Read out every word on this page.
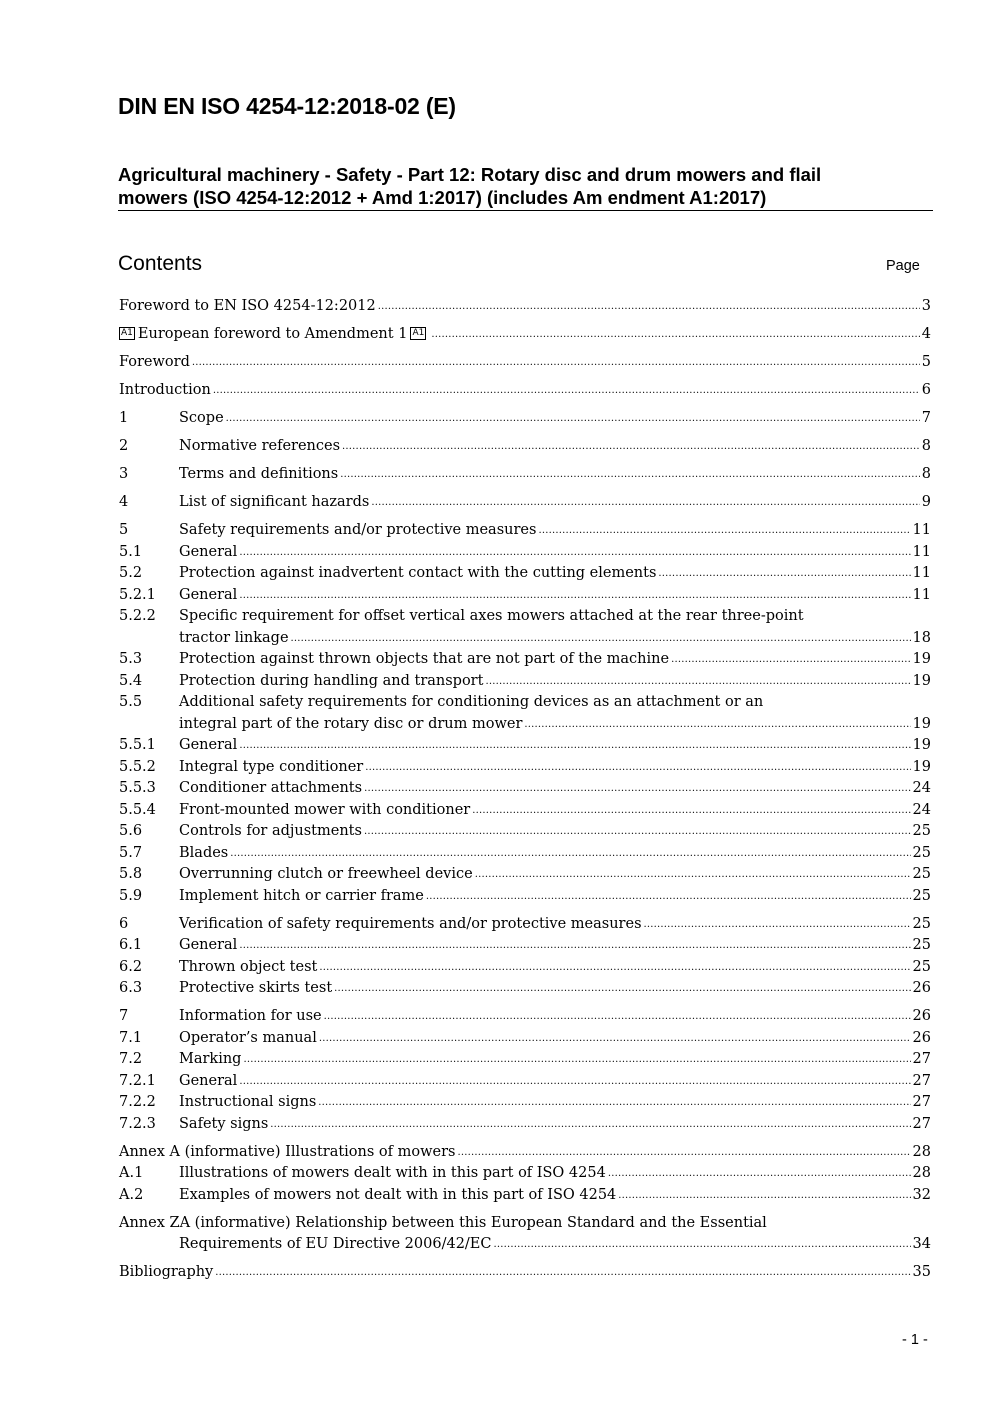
DIN EN ISO 4254-12:2018-02 (E)
Agricultural machinery - Safety - Part 12: Rotary disc and drum mowers and flail
mowers (ISO 4254-12:2012 + Amd 1:2017) (includes Am endment A1:2017)
Contents	Page
Foreword to EN ISO 4254-12:2012 .....	3
A1 European foreword to Amendment 1 A1 .....	4
Foreword .....	5
Introduction .....	6
1	Scope .....	7
2	Normative references .....	8
3	Terms and definitions .....	8
4	List of significant hazards .....	9
5	Safety requirements and/or protective measures .....	11
5.1	General .....	11
5.2	Protection against inadvertent contact with the cutting elements .....	11
5.2.1	General .....	11
5.2.2	Specific requirement for offset vertical axes mowers attached at the rear three-point
tractor linkage .....	18
5.3	Protection against thrown objects that are not part of the machine .....	19
5.4	Protection during handling and transport .....	19
5.5	Additional safety requirements for conditioning devices as an attachment or an
integral part of the rotary disc or drum mower .....	19
5.5.1	General .....	19
5.5.2	Integral type conditioner .....	19
5.5.3	Conditioner attachments .....	24
5.5.4	Front-mounted mower with conditioner .....	24
5.6	Controls for adjustments .....	25
5.7	Blades .....	25
5.8	Overrunning clutch or freewheel device .....	25
5.9	Implement hitch or carrier frame .....	25
6	Verification of safety requirements and/or protective measures .....	25
6.1	General .....	25
6.2	Thrown object test .....	25
6.3	Protective skirts test .....	26
7	Information for use .....	26
7.1	Operator’s manual .....	26
7.2	Marking .....	27
7.2.1	General .....	27
7.2.2	Instructional signs .....	27
7.2.3	Safety signs .....	27
Annex A (informative) Illustrations of mowers .....	28
A.1	Illustrations of mowers dealt with in this part of ISO 4254 .....	28
A.2	Examples of mowers not dealt with in this part of ISO 4254 .....	32
Annex ZA (informative) Relationship between this European Standard and the Essential
Requirements of EU Directive 2006/42/EC .....	34
Bibliography .....	35
- 1 -
